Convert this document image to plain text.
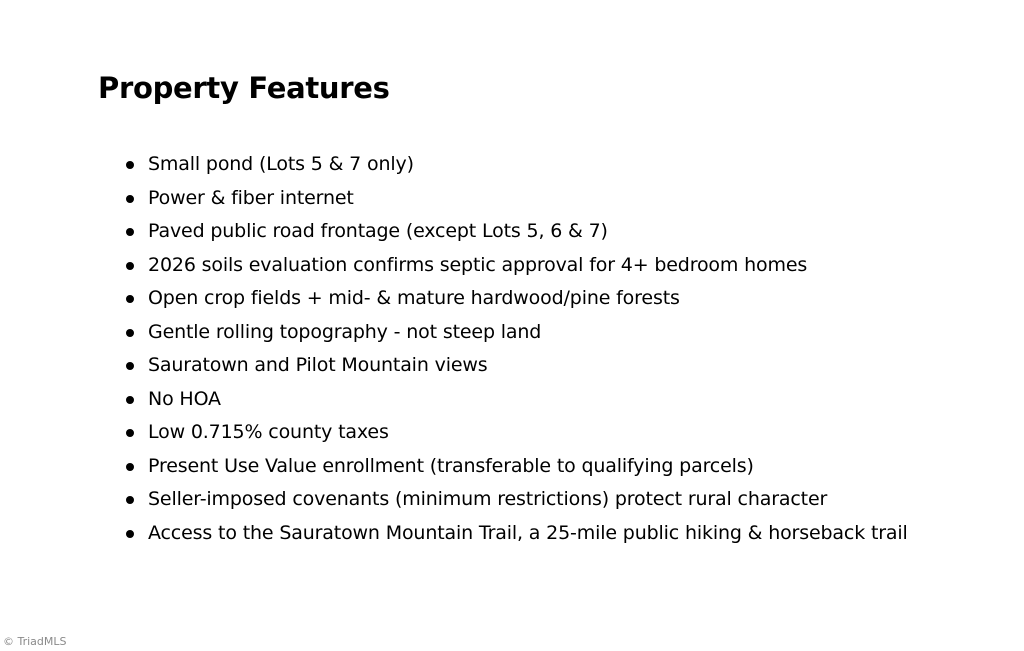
Property Features
Small pond (Lots 5 & 7 only)
Power & fiber internet
Paved public road frontage (except Lots 5, 6 & 7)
2026 soils evaluation confirms septic approval for 4+ bedroom homes
Open crop fields + mid- & mature hardwood/pine forests
Gentle rolling topography - not steep land
Sauratown and Pilot Mountain views
No HOA
Low 0.715% county taxes
Present Use Value enrollment (transferable to qualifying parcels)
Seller-imposed covenants (minimum restrictions) protect rural character
Access to the Sauratown Mountain Trail, a 25-mile public hiking & horseback trail
© TriadMLS
